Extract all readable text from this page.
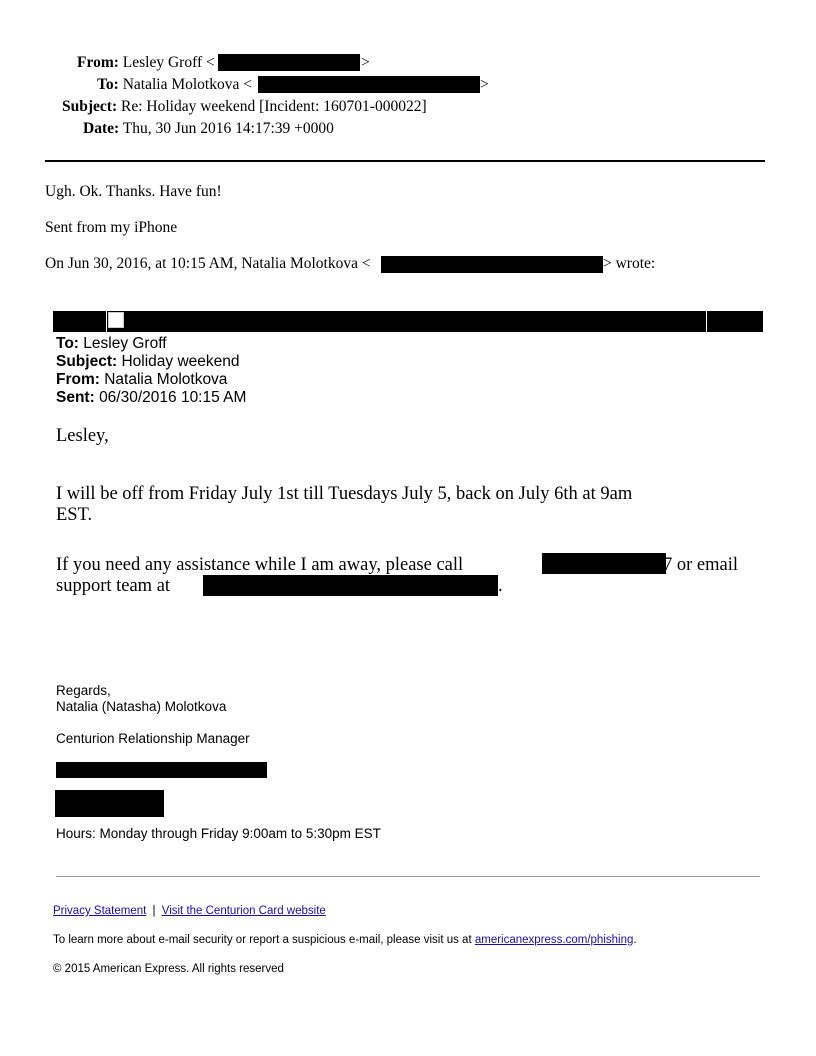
From: Lesley Groff <	>
To: Natalia Molotkova <	>
Subject: Re: Holiday weekend [Incident: 160701-000022]
Date: Thu, 30 Jun 2016 14:17:39 +0000
Ugh. Ok. Thanks. Have fun!
Sent from my iPhone
On Jun 30, 2016, at 10:15 AM, Natalia Molotkova <	> wrote:
To: Lesley Groff
Subject: Holiday weekend
From: Natalia Molotkova
Sent: 06/30/2016 10:15 AM
Lesley,
I will be off from Friday July 1st till Tuesdays July 5, back on July 6th at 9am
EST.
If you need any assistance while I am away, please call	7 or email
support team at	.
Regards,
Natalia (Natasha) Molotkova
Centurion Relationship Manager
Hours: Monday through Friday 9:00am to 5:30pm EST
Privacy Statement | Visit the Centurion Card website
To learn more about e-mail security or report a suspicious e-mail, please visit us at americanexpress.com/phishing.
© 2015 American Express. All rights reserved
